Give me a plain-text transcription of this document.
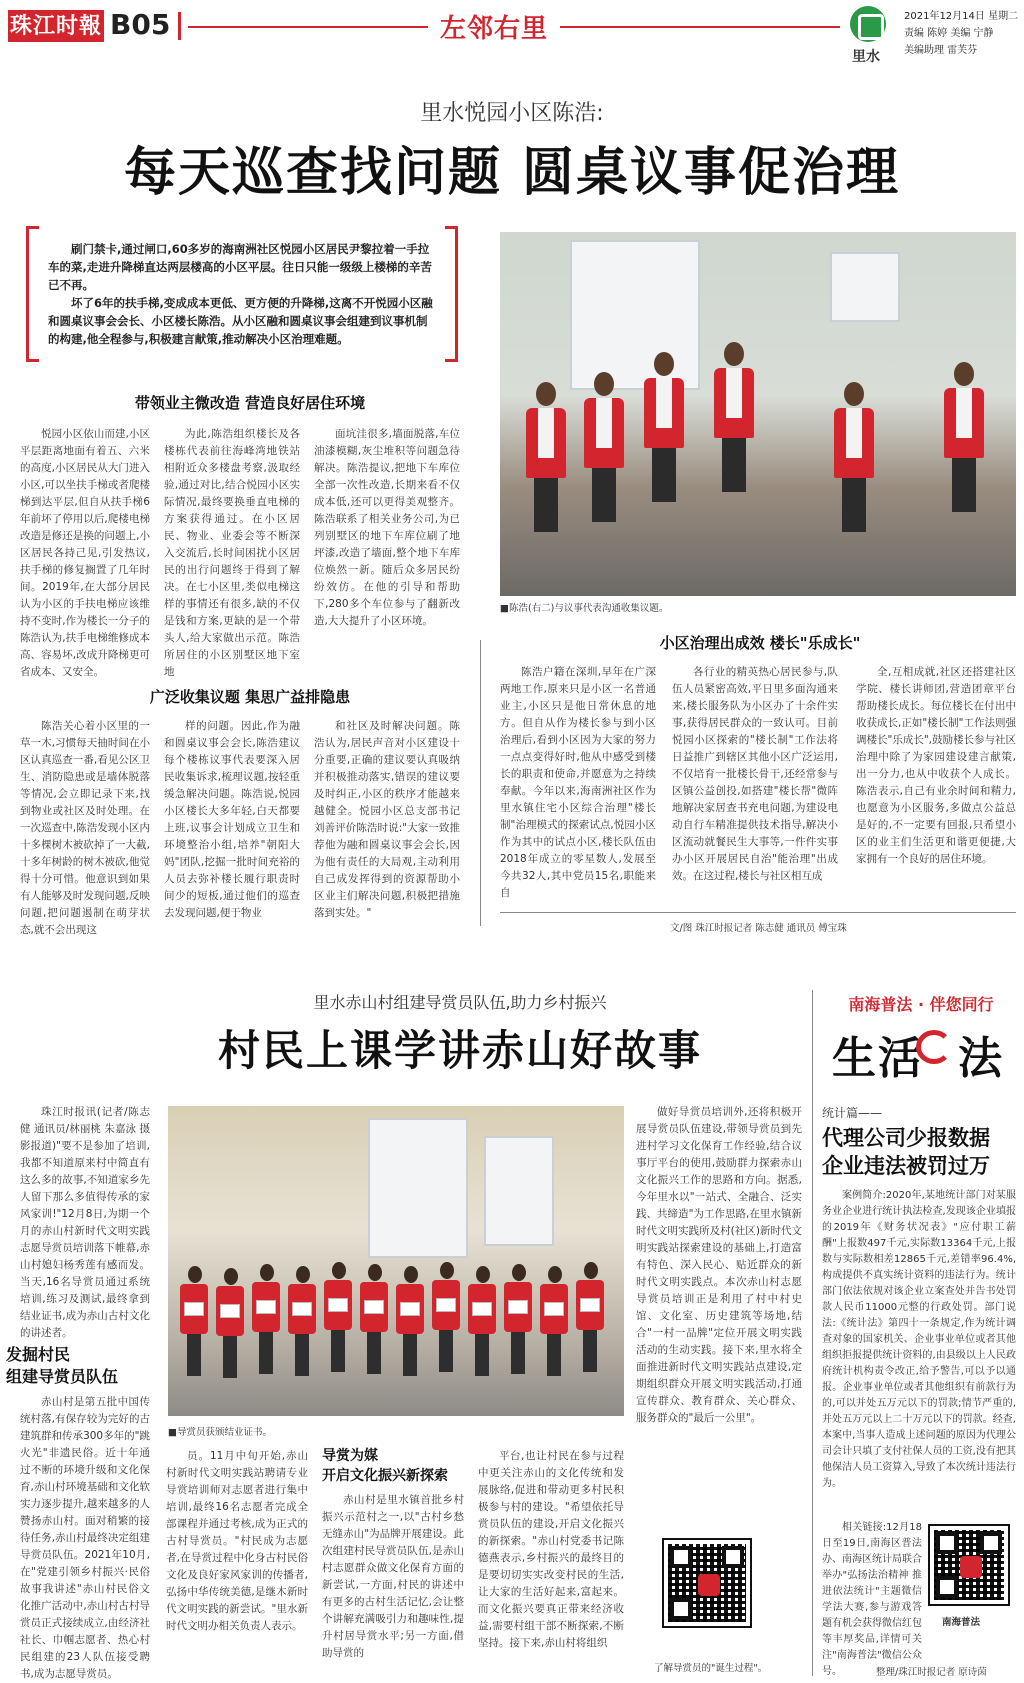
珠江时報 B05	左邻右里
里水
2021年12月14日 星期二
责编 陈婷 美编 宁静
美编助理 雷芙芬
里水悦园小区陈浩:
每天巡查找问题 圆桌议事促治理

刷门禁卡,通过闸口,60多岁的海南洲社区悦园小区居民尹黎拉着一手拉车的菜,走进升降梯直达两层楼高的小区平层。往日只能一级级上楼梯的辛苦已不再。

坏了6年的扶手梯,变成成本更低、更方便的升降梯,这离不开悦园小区融和圆桌议事会会长、小区楼长陈浩。从小区融和圆桌议事会组建到议事机制的构建,他全程参与,积极建言献策,推动解决小区治理难题。

■陈浩(右二)与议事代表沟通收集议题。
带领业主微改造 营造良好居住环境

悦园小区依山而建,小区平层距离地面有着五、六米的高度,小区居民从大门进入小区,可以坐扶手梯或者爬楼梯到达平层,但自从扶手梯6年前坏了停用以后,爬楼电梯改造是修还是换的问题上,小区居民各持己见,引发热议,扶手梯的修复搁置了几年时间。2019年,在大部分居民认为小区的手扶电梯应该维持不变时,作为楼长一分子的陈浩认为,扶手电梯维修成本高、容易坏,改成升降梯更可省成本、又安全。

为此,陈浩组织楼长及各楼栋代表前往海峰湾地铁站相附近众多楼盘考察,汲取经验,通过对比,结合悦园小区实际情况,最终要换垂直电梯的方案获得通过。在小区居民、物业、业委会等不断深入交流后,长时间困扰小区居民的出行问题终于得到了解决。在七小区里,类似电梯这样的事情还有很多,缺的不仅是钱和方案,更缺的是一个带头人,给大家做出示范。陈浩所居住的小区别墅区地下室地

面坑洼很多,墙面脱落,车位油漆模糊,灰尘堆积等问题急待解决。陈浩提议,把地下车库位全部一次性改造,长期来看不仅成本低,还可以更得美观整齐。陈浩联系了相关业务公司,为已列别墅区的地下车库位刷了地坪漆,改造了墙面,整个地下车库位焕然一新。随后众多居民纷纷效仿。在他的引导和帮助下,280多个车位参与了翻新改造,大大提升了小区环境。

广泛收集议题 集思广益排隐患

陈浩关心着小区里的一草一木,习惯每天抽时间在小区认真巡查一番,看见公区卫生、消防隐患或是墙体脱落等情况,会立即记录下来,找到物业或社区及时处理。在一次巡查中,陈浩发现小区内十多棵树木被砍掉了一大截,十多年树龄的树木被砍,他觉得十分可惜。他意识到如果有人能够及时发现问题,反映问题,把问题遏制在萌芽状态,就不会出现这

样的问题。因此,作为融和圆桌议事会会长,陈浩建议每个楼栋议事代表要深入居民收集诉求,梳理议题,按轻重缓急解决问题。陈浩说,悦园小区楼长大多年轻,白天都要上班,议事会计划成立卫生和环境整治小组,培养"朝阳大妈"团队,挖掘一批时间充裕的人员去弥补楼长履行职责时间少的短板,通过他们的巡查去发现问题,便于物业

和社区及时解决问题。陈浩认为,居民声音对小区建设十分重要,正确的建议要认真吸纳并积极推动落实,错误的建议要及时纠正,小区的秩序才能越来越健全。悦园小区总支部书记刘善评价陈浩时说:"大家一致推荐他为融和圆桌议事会会长,因为他有责任的大局观,主动利用自己成发挥得到的资源帮助小区业主们解决问题,积极把措施落到实处。"

小区治理出成效 楼长"乐成长"

陈浩户籍在深圳,早年在广深两地工作,原来只是小区一名普通业主,小区只是他日常休息的地方。但自从作为楼长参与到小区治理后,看到小区因为大家的努力一点点变得好时,他从中感受到楼长的职责和使命,并愿意为之持续奉献。今年以来,海南洲社区作为里水镇住宅小区综合治理"楼长制"治理模式的探索试点,悦园小区作为其中的试点小区,楼长队伍由2018年成立的零星数人,发展至今共32人,其中党员15名,职能来自

各行业的精英热心居民参与,队伍人员紧密高效,平日里多面沟通来来,楼长服务队为小区办了十余件实事,获得居民群众的一致认可。目前悦园小区探索的"楼长制"工作法将日益推广到辖区其他小区广泛运用,不仅培育一批楼长骨干,还经常参与区镇公益创投,如搭建"楼长帮"微阵地解决家居查书充电问题,为建设电动自行车精准提供技术指导,解决小区流动就餐民生大事等,一件件实事办小区开展居民自治"能治理"出成效。在这过程,楼长与社区相互成

全,互相成就,社区还搭建社区学院、楼长讲师团,营造团章平台帮助楼长成长。每位楼长在付出中收获成长,正如"楼长制"工作法则强调楼长"乐成长",鼓励楼长参与社区治理中除了为家园建设建言献策,出一分力,也从中收获个人成长。陈浩表示,自己有业余时间和精力,也愿意为小区服务,多做点公益总是好的,不一定要有回报,只希望小区的业主们生活更和谐更便捷,大家拥有一个良好的居住环境。

文/图 珠江时报记者 陈志健 通讯员 傅宝珠
里水赤山村组建导赏员队伍,助力乡村振兴
村民上课学讲赤山好故事

珠江时报讯(记者/陈志健 通讯员/林丽桃 朱嘉泳 摄影报道)"要不是参加了培训,我都不知道原来村中简直有这么多的故事,不知道家乡先人留下那么多值得传承的家风家训!"12月8日,为期一个月的赤山村新时代文明实践志愿导赏员培训落下帷幕,赤山村媳妇杨秀莲有感而发。当天,16名导赏员通过系统培训,练习及测试,最终拿到结业证书,成为赤山古村文化的讲述者。

发掘村民
组建导赏员队伍

赤山村是第五批中国传统村落,有保存较为完好的古建筑群和传承300多年的"跳火光"非遗民俗。近十年通过不断的环境升级和文化保育,赤山村环境基础和文化软实力逐步提升,越来越多的人赞扬赤山村。面对稍繁的接待任务,赤山村最终决定组建导赏员队伍。2021年10月,在"党建引领乡村振兴·民俗故事我讲述"赤山村民俗文化推广活动中,赤山村古村导赏员正式接续成立,由经济社社长、巾帼志愿者、热心村民组建的23人队伍接受聘书,成为志愿导赏员。

■导赏员获颁结业证书。

员。11月中旬开始,赤山村新时代文明实践站聘请专业导赏培训师对志愿者进行集中培训,最终16名志愿者完成全部课程并通过考核,成为正式的古村导赏员。"村民成为志愿者,在导赏过程中化身古村民俗文化及良好家风家训的传播者,弘扬中华传统美德,是继木新时代文明实践的新尝试。"里水新时代文明办相关负责人表示。

导赏为媒
开启文化振兴新探索

赤山村是里水镇首批乡村振兴示范村之一,以"古村乡愁 无缝赤山"为品牌开展建设。此次组建村民导赏员队伍,是赤山村志愿群众做文化保育方面的新尝试,一方面,村民的讲述中有更多的古村生活记忆,会让整个讲解充满吸引力和趣味性,提升村居导赏水平;另一方面,借助导赏的

平台,也让村民在参与过程中更关注赤山的文化传统和发展脉络,促进和带动更多村民积极参与村的建设。"希望依托导赏员队伍的建设,开启文化振兴的新探索。"赤山村党委书记陈德燕表示,乡村振兴的最终目的是要切切实实改变村民的生活,让大家的生活好起来,富起来。而文化振兴要真正带来经济收益,需要村组干部不断探索,不断坚持。接下来,赤山村将组织

做好导赏员培训外,还将积极开展导赏员队伍建设,带领导赏员到先进村学习文化保育工作经验,结合议事厅平台的使用,鼓励群力探索赤山文化振兴工作的思路和方向。据悉,今年里水以"一站式、全融合、泛实践、共缔造"为工作思路,在里水镇新时代文明实践所及村(社区)新时代文明实践站探索建设的基础上,打造富有特色、深入民心、贴近群众的新时代文明实践点。本次赤山村志愿导赏员培训正是利用了村中村史馆、文化室、历史建筑等场地,结合"一村一品牌"定位开展文明实践活动的生动实践。接下来,里水将全面推进新时代文明实践站点建设,定期组织群众开展文明实践活动,打通宣传群众、教育群众、关心群众、服务群众的"最后一公里"。

了解导赏员的"诞生过程"。
南海普法 · 伴您同行
生活 法
统计篇——
代理公司少报数据
企业违法被罚过万

案例简介:2020年,某地统计部门对某服务业企业进行统计执法检查,发现该企业填报的2019年《财务状况表》"应付职工薪酬"上报数497千元,实际数13364千元,上报数与实际数相差12865千元,差错率96.4%,构成提供不真实统计资料的违法行为。统计部门依法依规对该企业立案查处并告书处罚款人民币11000元整的行政处罚。部门说法:《统计法》第四十一条规定,作为统计调查对象的国家机关、企业事业单位或者其他组织拒报提供统计资料的,由县级以上人民政府统计机构责令改正,给予警告,可以予以通报。企业事业单位或者其他组织有前款行为的,可以并处五万元以下的罚款;情节严重的,并处五万元以上二十万元以下的罚款。经查,本案中,当事人造成上述问题的原因为代理公司会计只填了支付社保人员的工资,没有把其他保洁人员工资算入,导致了本次统计违法行为。

相关链接:12月18日至19日,南海区普法办、南海区统计局联合举办"弘扬法治精神 推进依法统计"主题微信学法大赛,参与游戏答题有机会获得微信红包等丰厚奖品,详情可关注"南海普法"微信公众号。

南海普法
整理/珠江时报记者 原诗茵
